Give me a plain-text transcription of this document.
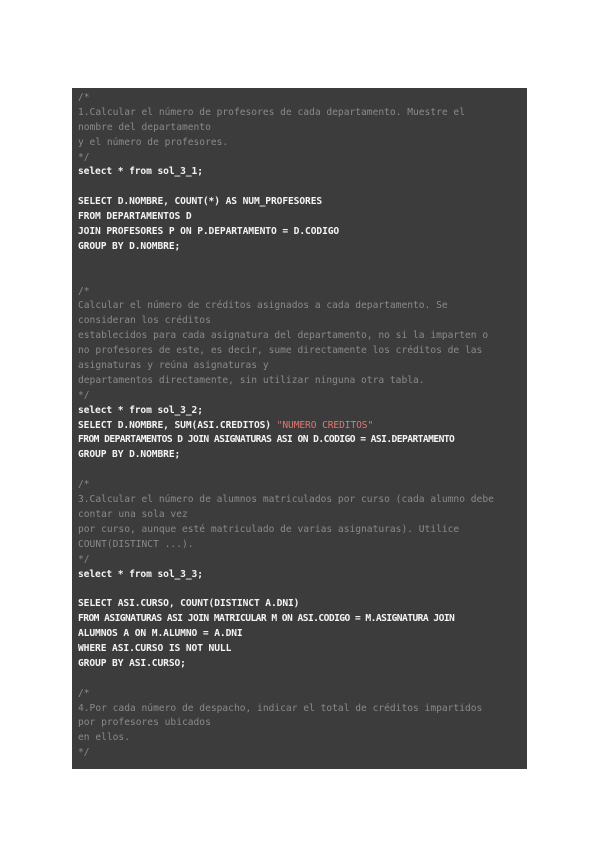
/*
1.Calcular el número de profesores de cada departamento. Muestre el
nombre del departamento
y el número de profesores.
*/
select * from sol_3_1;
SELECT D.NOMBRE, COUNT(*) AS NUM_PROFESORES
FROM DEPARTAMENTOS D
JOIN PROFESORES P ON P.DEPARTAMENTO = D.CODIGO
GROUP BY D.NOMBRE;
/*
Calcular el número de créditos asignados a cada departamento. Se
consideran los créditos
establecidos para cada asignatura del departamento, no si la imparten o
no profesores de este, es decir, sume directamente los créditos de las
asignaturas y reúna asignaturas y
departamentos directamente, sin utilizar ninguna otra tabla.
*/
select * from sol_3_2;
SELECT D.NOMBRE, SUM(ASI.CREDITOS) "NUMERO CREDITOS"
FROM DEPARTAMENTOS D JOIN ASIGNATURAS ASI ON D.CODIGO = ASI.DEPARTAMENTO
GROUP BY D.NOMBRE;
/*
3.Calcular el número de alumnos matriculados por curso (cada alumno debe
contar una sola vez
por curso, aunque esté matriculado de varias asignaturas). Utilice
COUNT(DISTINCT ...).
*/
select * from sol_3_3;
SELECT ASI.CURSO, COUNT(DISTINCT A.DNI)
FROM ASIGNATURAS ASI JOIN MATRICULAR M ON ASI.CODIGO = M.ASIGNATURA JOIN
ALUMNOS A ON M.ALUMNO = A.DNI
WHERE ASI.CURSO IS NOT NULL
GROUP BY ASI.CURSO;
/*
4.Por cada número de despacho, indicar el total de créditos impartidos
por profesores ubicados
en ellos.
*/
